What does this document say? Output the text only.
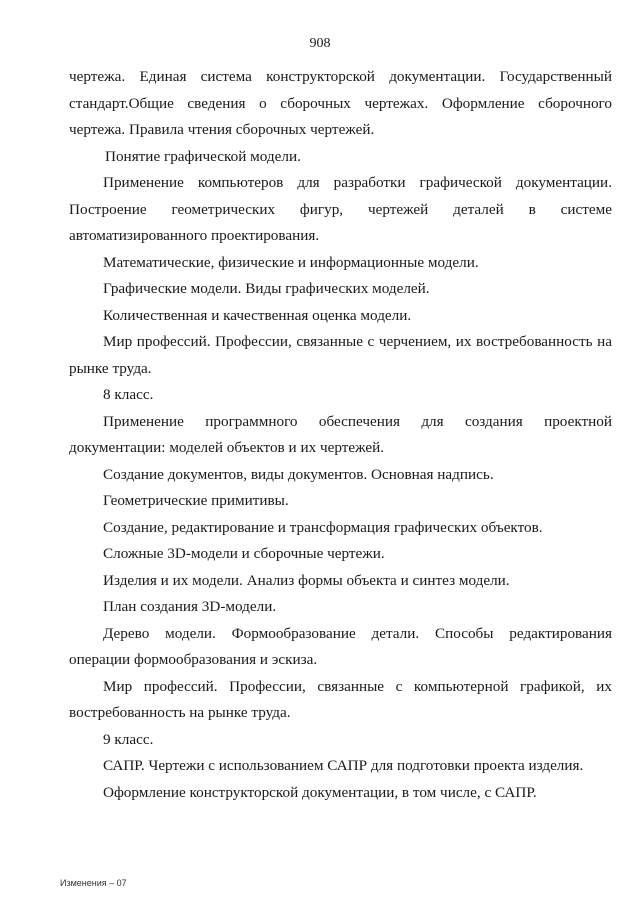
908

чертежа. Единая система конструкторской документации. Государственный стандарт.Общие сведения о сборочных чертежах. Оформление сборочного чертежа. Правила чтения сборочных чертежей.

Понятие графической модели.

Применение компьютеров для разработки графической документации. Построение геометрических фигур, чертежей деталей в системе автоматизированного проектирования.

Математические, физические и информационные модели.

Графические модели. Виды графических моделей.

Количественная и качественная оценка модели.

Мир профессий. Профессии, связанные с черчением, их востребованность на рынке труда.

8 класс.

Применение программного обеспечения для создания проектной документации: моделей объектов и их чертежей.

Создание документов, виды документов. Основная надпись.

Геометрические примитивы.

Создание, редактирование и трансформация графических объектов.

Сложные 3D-модели и сборочные чертежи.

Изделия и их модели. Анализ формы объекта и синтез модели.

План создания 3D-модели.

Дерево модели. Формообразование детали. Способы редактирования операции формообразования и эскиза.

Мир профессий. Профессии, связанные с компьютерной графикой, их востребованность на рынке труда.

9 класс.

САПР. Чертежи с использованием САПР для подготовки проекта изделия.

Оформление конструкторской документации, в том числе, с САПР.

Изменения – 07
